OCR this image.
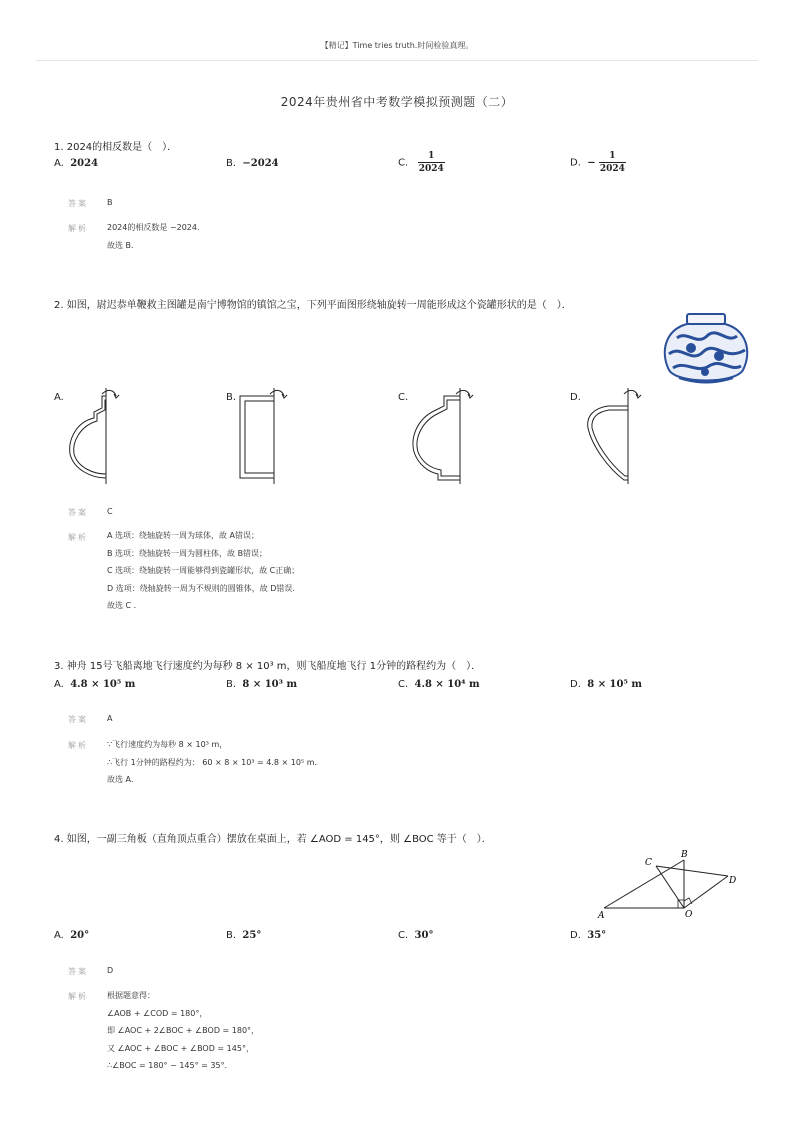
【精记】Time tries truth.时间检验真理。
2024年贵州省中考数学模拟预测题（二）
1. 2024的相反数是（　）．
A. 2024	B. −2024	C. $\frac{1}{2024}$	D. − $\frac{1}{2024}$
答案 B
解析 2024的相反数是 −2024．
故选 B．
2. 如图，尉迟恭单鞭救主图罐是南宁博物馆的镇馆之宝，下列平面图形绕轴旋转一周能形成这个瓷罐形状的是（　）．
A.	B.	C.	D.
答案 C
解析 A 选项：绕轴旋转一周为球体，故 A错误；
B 选项：绕轴旋转一周为圆柱体，故 B错误；
C 选项：绕轴旋转一周能够得到瓷罐形状，故 C正确；
D 选项：绕轴旋转一周为不规则的圆锥体，故 D错误．
故选 C ．
3. 神舟 15号飞船离地飞行速度约为每秒 8 × 10³ m，则飞船度地飞行 1分钟的路程约为（　）．
A. 4.8 × 10⁵ m	B. 8 × 10³ m	C. 4.8 × 10⁴ m	D. 8 × 10⁵ m
答案 A
解析 ∵飞行速度约为每秒 8 × 10³ m，
∴飞行 1分钟的路程约为： 60 × 8 × 10³ = 4.8 × 10⁵ m．
故选 A．
4. 如图，一副三角板（直角顶点重合）摆放在桌面上，若 ∠AOD = 145°，则 ∠BOC 等于（　）．
A
B
C
D
O
A. 20°	B. 25°	C. 30°	D. 35°
答案 D
解析 根据题意得：
∠AOB + ∠COD = 180°，
即 ∠AOC + 2∠BOC + ∠BOD = 180°，
又 ∠AOC + ∠BOC + ∠BOD = 145°，
∴∠BOC = 180° − 145° = 35°．
